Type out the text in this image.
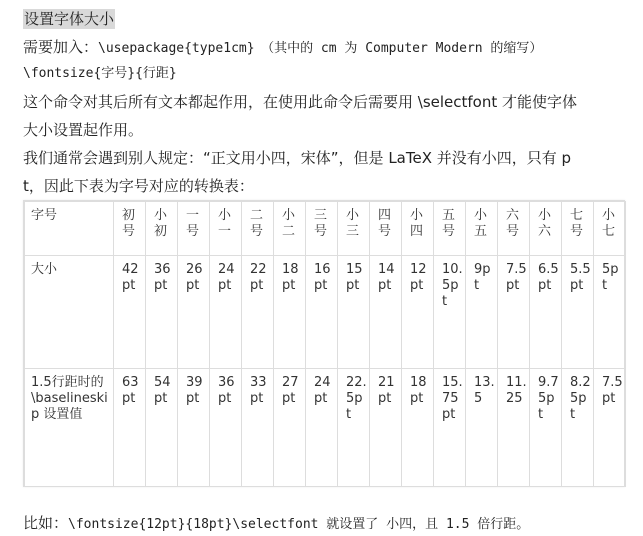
设置字体大小
需要加入：\usepackage{type1cm}　（其中的 cm 为 Computer Modern 的缩写）
\fontsize{字号}{行距}
这个命令对其后所有文本都起作用，在使用此命令后需要用 \selectfont 才能使字体
大小设置起作用。
我们通常会遇到别人规定：“正文用小四，宋体”，但是 LaTeX 并没有小四，只有 p
t，因此下表为字号对应的转换表：
字号	初号	小初	一号	小一	二号	小二	三号	小三	四号	小四	五号	小五	六号	小六	七号	小七
大小	42pt	36pt	26pt	24pt	22pt	18pt	16pt	15pt	14pt	12pt	10.5pt	9pt	7.5pt	6.5pt	5.5pt	5pt
1.5行距时的 \baselineskip 设置值	63pt	54pt	39pt	36pt	33pt	27pt	24pt	22.5pt	21pt	18pt	15.75pt	13.5	11.25	9.75pt	8.25pt	7.5pt
比如：\fontsize{12pt}{18pt}\selectfont 就设置了 小四，且 1.5 倍行距。
